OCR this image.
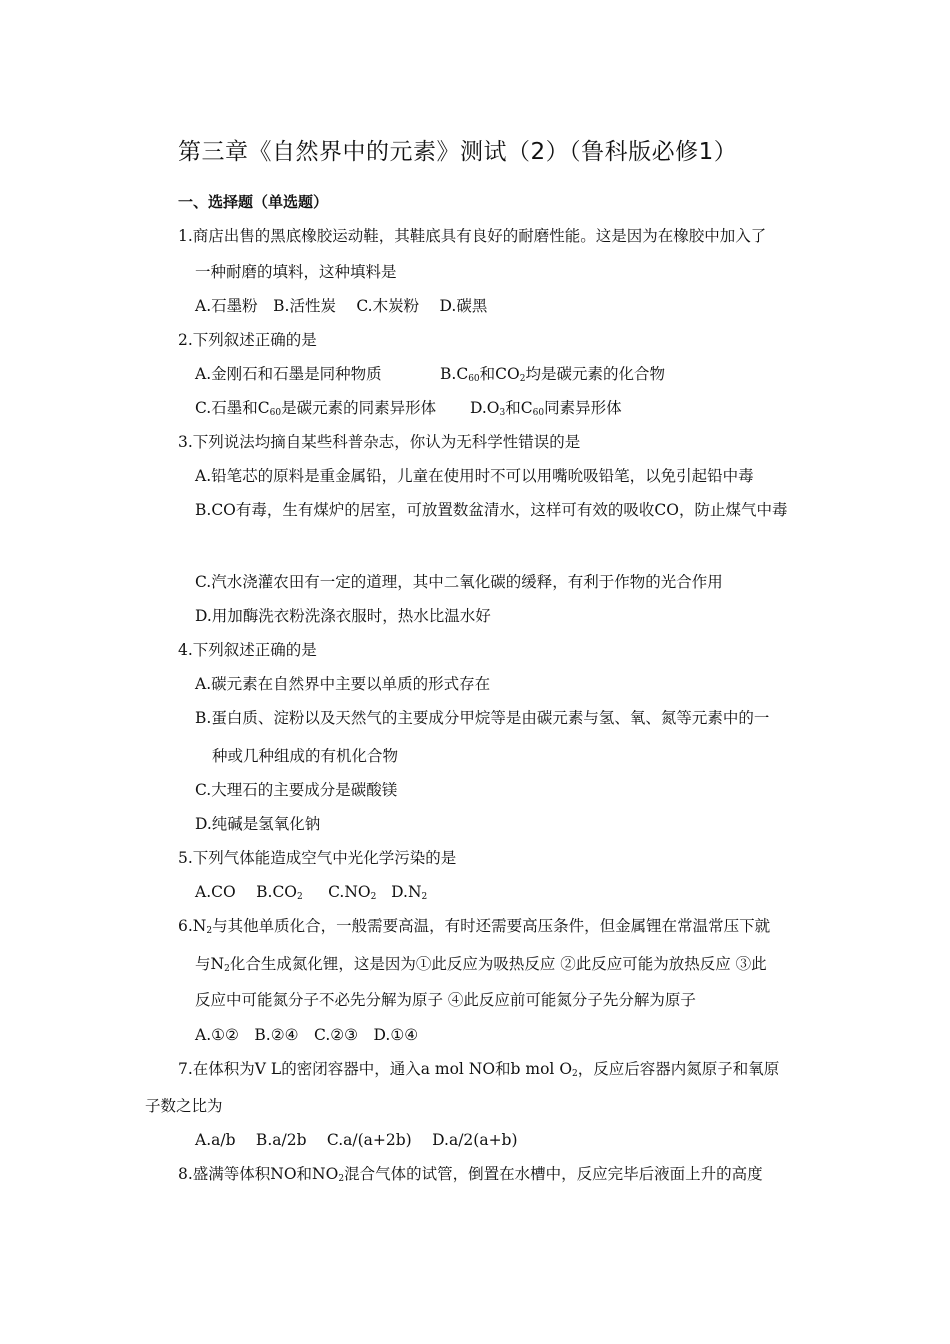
第三章《自然界中的元素》测试（2）（鲁科版必修1）
一、选择题（单选题）
1.商店出售的黑底橡胶运动鞋，其鞋底具有良好的耐磨性能。这是因为在橡胶中加入了
一种耐磨的填料，这种填料是
A.石墨粉　B.活性炭　 C.木炭粉　 D.碳黑
2.下列叙述正确的是
A.金刚石和石墨是同种物质	$B.C_{60}$和$CO_2$均是碳元素的化合物
C.石墨和$C_{60}$是碳元素的同素异形体 $D.O_3$和$C_{60}$同素异形体
3.下列说法均摘自某些科普杂志，你认为无科学性错误的是
A.铅笔芯的原料是重金属铅，儿童在使用时不可以用嘴吮吸铅笔，以免引起铅中毒
B.CO有毒，生有煤炉的居室，可放置数盆清水，这样可有效的吸收CO，防止煤气中毒
C.汽水浇灌农田有一定的道理，其中二氧化碳的缓释，有利于作物的光合作用
D.用加酶洗衣粉洗涤衣服时，热水比温水好
4.下列叙述正确的是
A.碳元素在自然界中主要以单质的形式存在
B.蛋白质、淀粉以及天然气的主要成分甲烷等是由碳元素与氢、氧、氮等元素中的一
种或几种组成的有机化合物
C.大理石的主要成分是碳酸镁
D.纯碱是氢氧化钠
5.下列气体能造成空气中光化学污染的是
A.CO　 $B.CO_2$　 $C.NO_2$ $D.N_2$
$6.N_2$与其他单质化合，一般需要高温，有时还需要高压条件，但金属锂在常温常压下就
与$N_2$化合生成氮化锂，这是因为①此反应为吸热反应 ②此反应可能为放热反应 ③此
反应中可能氮分子不必先分解为原子 ④此反应前可能氮分子先分解为原子
A.①②　B.②④　C.②③　D.①④
7.在体积为V L的密闭容器中，通入a mol NO和b mol $O_2$，反应后容器内氮原子和氧原
子数之比为
A.a/b　 B.a/2b　 C.a/(a+2b)　 D.a/2(a+b)
8.盛满等体积NO和$NO_2$混合气体的试管，倒置在水槽中，反应完毕后液面上升的高度
